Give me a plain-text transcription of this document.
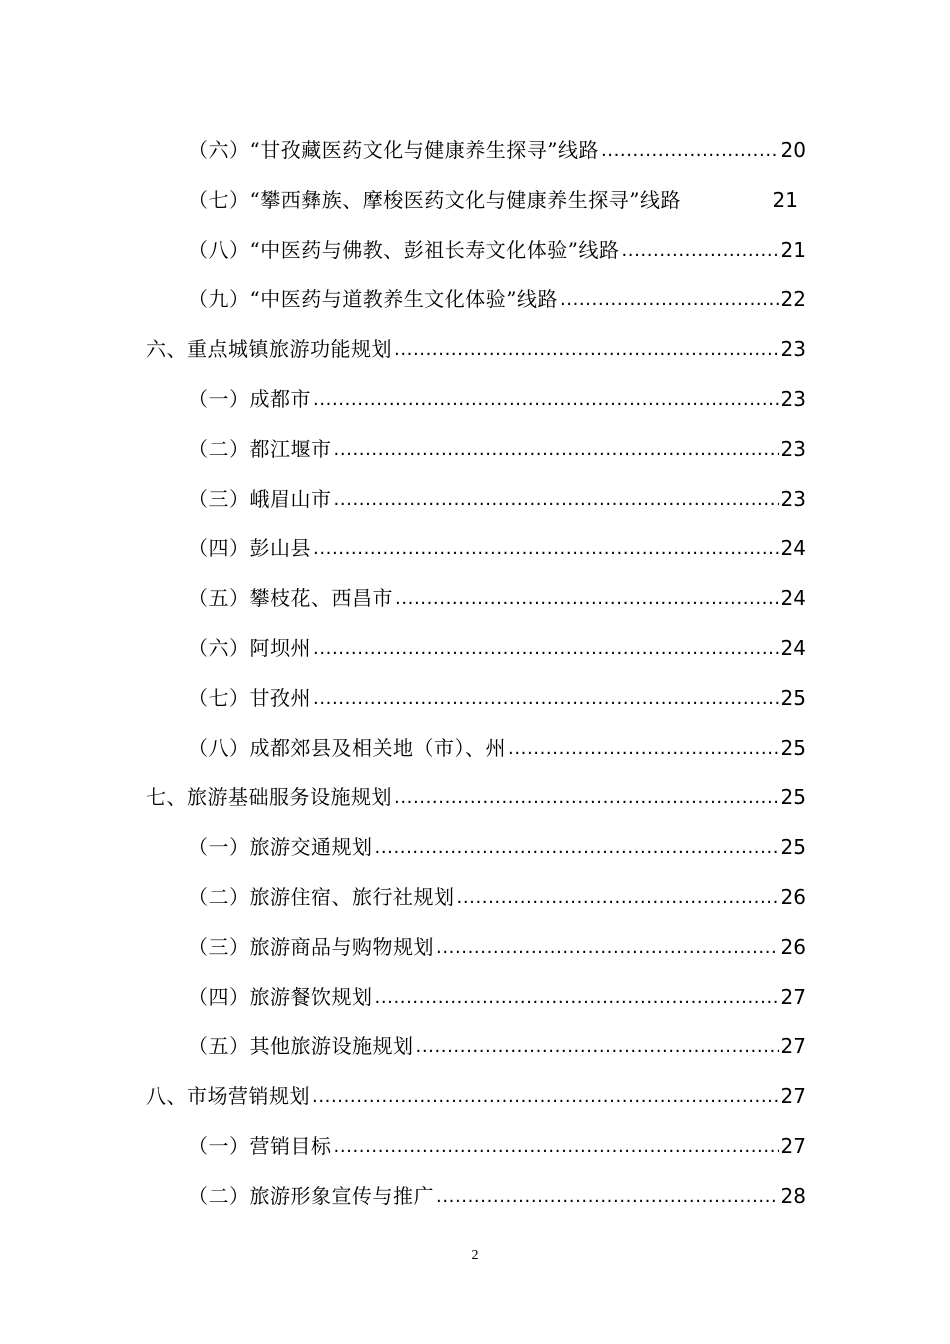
（六）“甘孜藏医药文化与健康养生探寻”线路 .....	20
（七）“攀西彝族、摩梭医药文化与健康养生探寻”线路	21
（八）“中医药与佛教、彭祖长寿文化体验”线路 .....	21
（九）“中医药与道教养生文化体验”线路 .....	22
六、重点城镇旅游功能规划 .....	23
（一）成都市 .....	23
（二）都江堰市 .....	23
（三）峨眉山市 .....	23
（四）彭山县 .....	24
（五）攀枝花、西昌市 .....	24
（六）阿坝州 .....	24
（七）甘孜州 .....	25
（八）成都郊县及相关地（市）、州 .....	25
七、旅游基础服务设施规划 .....	25
（一）旅游交通规划 .....	25
（二）旅游住宿、旅行社规划 .....	26
（三）旅游商品与购物规划 .....	26
（四）旅游餐饮规划 .....	27
（五）其他旅游设施规划 .....	27
八、市场营销规划 .....	27
（一）营销目标 .....	27
（二）旅游形象宣传与推广 .....	28
2
